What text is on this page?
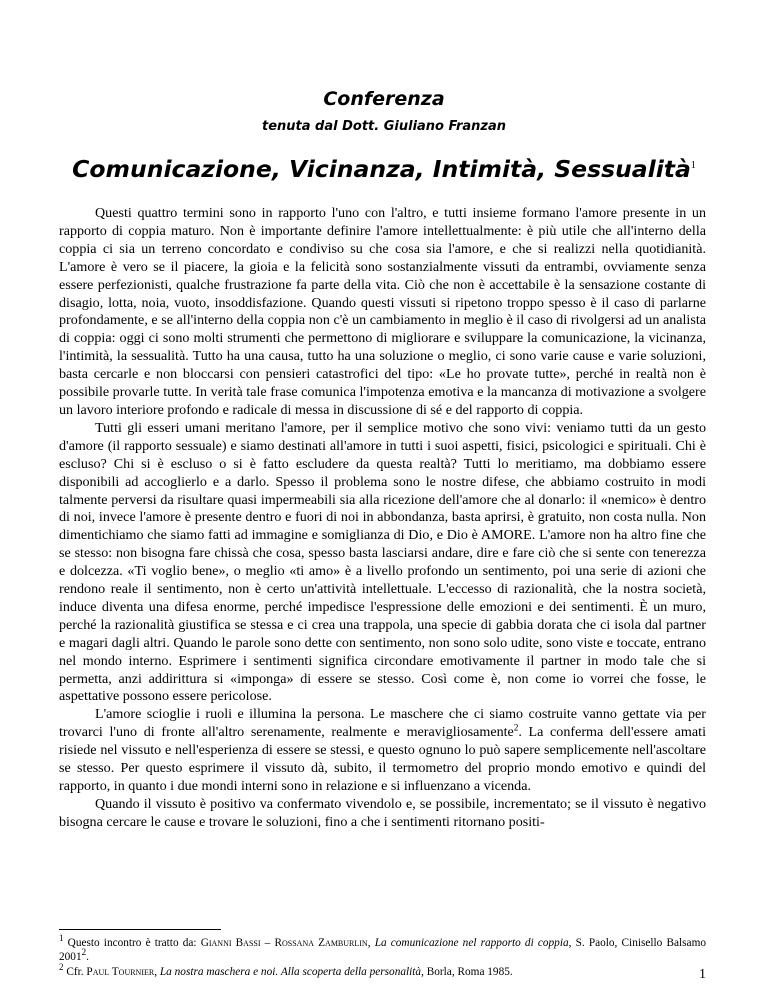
Conferenza
tenuta dal Dott. Giuliano Franzan
Comunicazione, Vicinanza, Intimità, Sessualità$^1$

Questi quattro termini sono in rapporto l'uno con l'altro, e tutti insieme formano l'amore presente in un rapporto di coppia maturo. Non è importante definire l'amore intellettualmente: è più utile che all'interno della coppia ci sia un terreno concordato e condiviso su che cosa sia l'amore, e che si realizzi nella quotidianità. L'amore è vero se il piacere, la gioia e la felicità sono sostanzialmente vissuti da entrambi, ovviamente senza essere perfezionisti, qualche frustrazione fa parte della vita. Ciò che non è accettabile è la sensazione costante di disagio, lotta, noia, vuoto, insoddisfazione. Quando questi vissuti si ripetono troppo spesso è il caso di parlarne profondamente, e se all'interno della coppia non c'è un cambiamento in meglio è il caso di rivolgersi ad un analista di coppia: oggi ci sono molti strumenti che permettono di migliorare e sviluppare la comunicazione, la vicinanza, l'intimità, la sessualità. Tutto ha una causa, tutto ha una soluzione o meglio, ci sono varie cause e varie soluzioni, basta cercarle e non bloccarsi con pensieri catastrofici del tipo: «Le ho provate tutte», perché in realtà non è possibile provarle tutte. In verità tale frase comunica l'impotenza emotiva e la mancanza di motivazione a svolgere un lavoro interiore profondo e radicale di messa in discussione di sé e del rapporto di coppia.

Tutti gli esseri umani meritano l'amore, per il semplice motivo che sono vivi: veniamo tutti da un gesto d'amore (il rapporto sessuale) e siamo destinati all'amore in tutti i suoi aspetti, fisici, psicologici e spirituali. Chi è escluso? Chi si è escluso o si è fatto escludere da questa realtà? Tutti lo meritiamo, ma dobbiamo essere disponibili ad accoglierlo e a darlo. Spesso il problema sono le nostre difese, che abbiamo costruito in modi talmente perversi da risultare quasi impermeabili sia alla ricezione dell'amore che al donarlo: il «nemico» è dentro di noi, invece l'amore è presente dentro e fuori di noi in abbondanza, basta aprirsi, è gratuito, non costa nulla. Non dimentichiamo che siamo fatti ad immagine e somiglianza di Dio, e Dio è AMORE. L'amore non ha altro fine che se stesso: non bisogna fare chissà che cosa, spesso basta lasciarsi andare, dire e fare ciò che si sente con tenerezza e dolcezza. «Ti voglio bene», o meglio «ti amo» è a livello profondo un sentimento, poi una serie di azioni che rendono reale il sentimento, non è certo un'attività intellettuale. L'eccesso di razionalità, che la nostra società, induce diventa una difesa enorme, perché impedisce l'espressione delle emozioni e dei sentimenti. È un muro, perché la razionalità giustifica se stessa e ci crea una trappola, una specie di gabbia dorata che ci isola dal partner e magari dagli altri. Quando le parole sono dette con sentimento, non sono solo udite, sono viste e toccate, entrano nel mondo interno. Esprimere i sentimenti significa circondare emotivamente il partner in modo tale che si permetta, anzi addirittura si «imponga» di essere se stesso. Così come è, non come io vorrei che fosse, le aspettative possono essere pericolose.

L'amore scioglie i ruoli e illumina la persona. Le maschere che ci siamo costruite vanno gettate via per trovarci l'uno di fronte all'altro serenamente, realmente e meravigliosamente$^2$. La conferma dell'essere amati risiede nel vissuto e nell'esperienza di essere se stessi, e questo ognuno lo può sapere semplicemente nell'ascoltare se stesso. Per questo esprimere il vissuto dà, subito, il termometro del proprio mondo emotivo e quindi del rapporto, in quanto i due mondi interni sono in relazione e si influenzano a vicenda.

Quando il vissuto è positivo va confermato vivendolo e, se possibile, incrementato; se il vissuto è negativo bisogna cercare le cause e trovare le soluzioni, fino a che i sentimenti ritornano positi-

$^1$ Questo incontro è tratto da: Gianni Bassi – Rossana Zamburlin, La comunicazione nel rapporto di coppia, S. Paolo, Cinisello Balsamo 2001$^2$.
$^2$ Cfr. Paul Tournier, La nostra maschera e noi. Alla scoperta della personalità, Borla, Roma 1985.	1
